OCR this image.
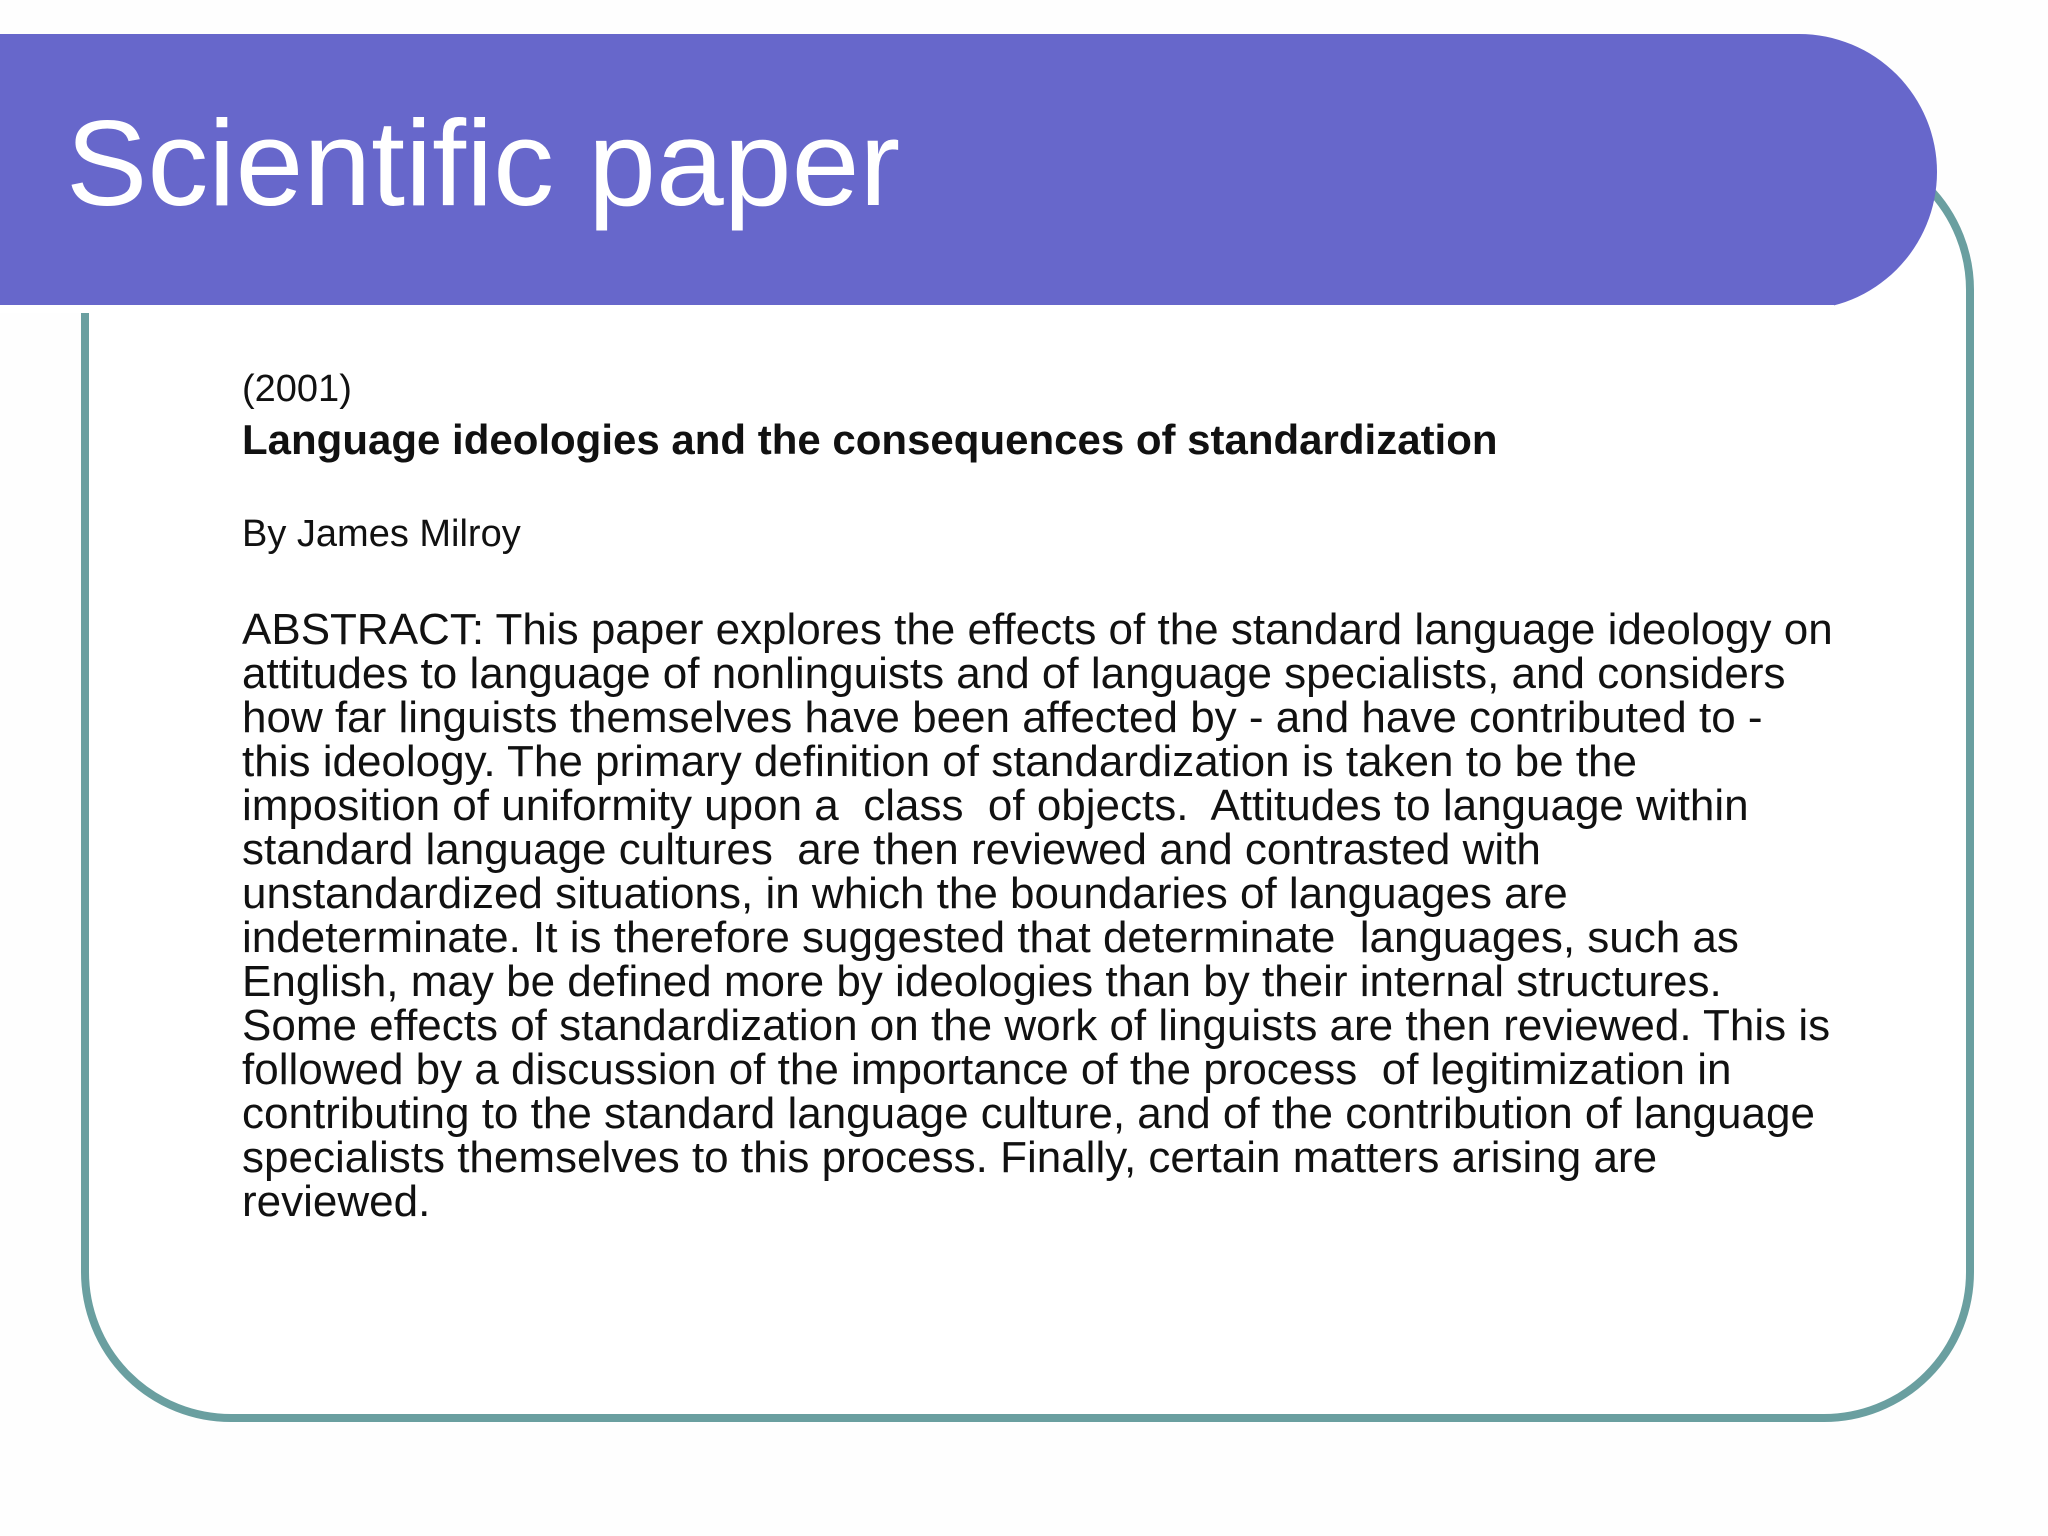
Scientific paper

(2001)

Language ideologies and the consequences of standardization

By James Milroy

ABSTRACT: This paper explores the effects of the standard language ideology on
attitudes to language of nonlinguists and of language specialists, and considers
how far linguists themselves have been affected by - and have contributed to -
this ideology. The primary definition of standardization is taken to be the
imposition of uniformity upon a  class  of objects.  Attitudes to language within
standard language cultures  are then reviewed and contrasted with
unstandardized situations, in which the boundaries of languages are
indeterminate. It is therefore suggested that determinate  languages, such as
English, may be defined more by ideologies than by their internal structures.
Some effects of standardization on the work of linguists are then reviewed. This is
followed by a discussion of the importance of the process  of legitimization in
contributing to the standard language culture, and of the contribution of language
specialists themselves to this process. Finally, certain matters arising are
reviewed.
